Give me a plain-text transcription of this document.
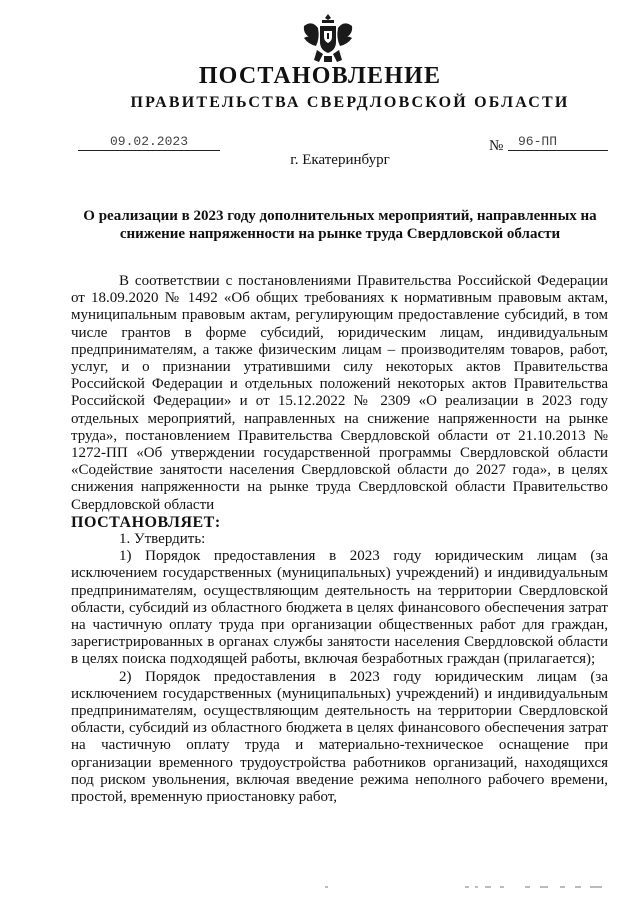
ПОСТАНОВЛЕНИЕ
ПРАВИТЕЛЬСТВА СВЕРДЛОВСКОЙ ОБЛАСТИ
09.02.2023	№	96-ПП
г. Екатеринбург
О реализации в 2023 году дополнительных мероприятий, направленных на снижение напряженности на рынке труда Свердловской области

В соответствии с постановлениями Правительства Российской Федерации от 18.09.2020 № 1492 «Об общих требованиях к нормативным правовым актам, муниципальным правовым актам, регулирующим предоставление субсидий, в том числе грантов в форме субсидий, юридическим лицам, индивидуальным предпринимателям, а также физическим лицам – производителям товаров, работ, услуг, и о признании утратившими силу некоторых актов Правительства Российской Федерации и отдельных положений некоторых актов Правительства Российской Федерации» и от 15.12.2022 № 2309 «О реализации в 2023 году отдельных мероприятий, направленных на снижение напряженности на рынке труда», постановлением Правительства Свердловской области от 21.10.2013 № 1272-ПП «Об утверждении государственной программы Свердловской области «Содействие занятости населения Свердловской области до 2027 года», в целях снижения напряженности на рынке труда Свердловской области Правительство Свердловской области

ПОСТАНОВЛЯЕТ:

1. Утвердить:

1) Порядок предоставления в 2023 году юридическим лицам (за исключением государственных (муниципальных) учреждений) и индивидуальным предпринимателям, осуществляющим деятельность на территории Свердловской области, субсидий из областного бюджета в целях финансового обеспечения затрат на частичную оплату труда при организации общественных работ для граждан, зарегистрированных в органах службы занятости населения Свердловской области в целях поиска подходящей работы, включая безработных граждан (прилагается);

2) Порядок предоставления в 2023 году юридическим лицам (за исключением государственных (муниципальных) учреждений) и индивидуальным предпринимателям, осуществляющим деятельность на территории Свердловской области, субсидий из областного бюджета в целях финансового обеспечения затрат на частичную оплату труда и материально-техническое оснащение при организации временного трудоустройства работников организаций, находящихся под риском увольнения, включая введение режима неполного рабочего времени, простой, временную приостановку работ,
